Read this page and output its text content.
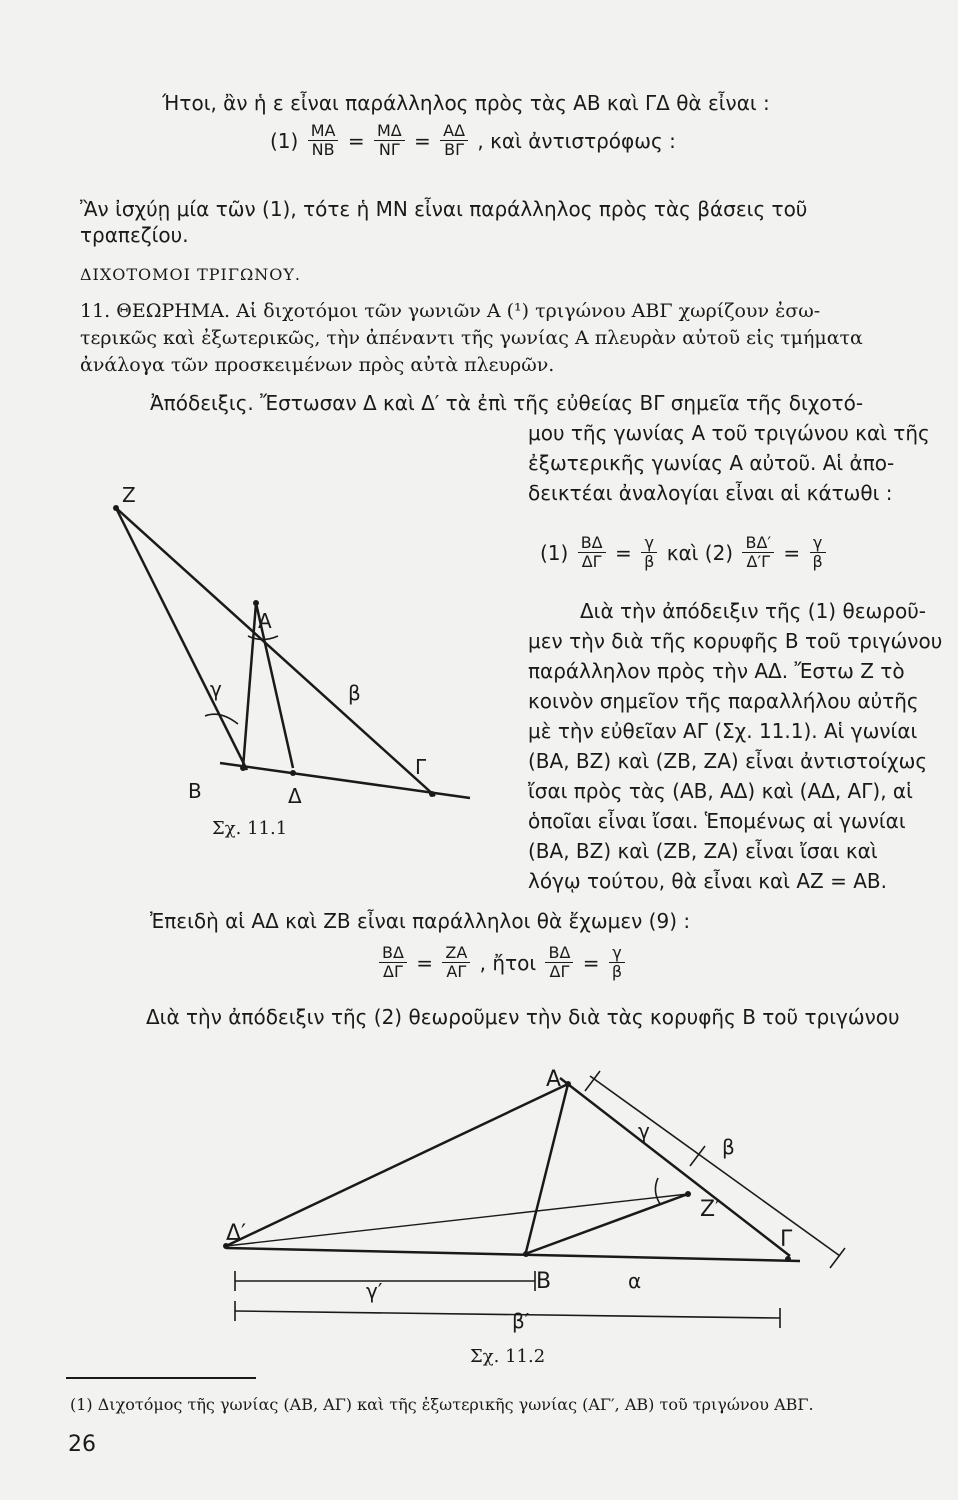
Ήτοι, ἂν ἡ ε εἶναι παράλληλος πρὸς τὰς ΑΒ καὶ ΓΔ θὰ εἶναι :
$(1) \frac{MA}{NB} = \frac{M\Delta}{N\Gamma} = \frac{A\Delta}{B\Gamma}$ , καὶ ἀντιστρόφως :
Ἂν ἰσχύῃ μία τῶν (1), τότε ἡ ΜΝ εἶναι παράλληλος πρὸς τὰς βάσεις τοῦ
τραπεζίου.
ΔΙΧΟΤΟΜΟΙ ΤΡΙΓΩΝΟΥ.
11. ΘΕΩΡΗΜΑ. Αἱ διχοτόμοι τῶν γωνιῶν Α (¹) τριγώνου ΑΒΓ χωρίζουν ἐσω-
τερικῶς καὶ ἐξωτερικῶς, τὴν ἀπέναντι τῆς γωνίας Α πλευρὰν αὐτοῦ εἰς τμήματα
ἀνάλογα τῶν προσκειμένων πρὸς αὐτὰ πλευρῶν.
Ἀπόδειξις. Ἔστωσαν Δ καὶ Δ′ τὰ ἐπὶ τῆς εὐθείας ΒΓ σημεῖα τῆς διχοτό-
μου τῆς γωνίας Α τοῦ τριγώνου καὶ τῆς
ἐξωτερικῆς γωνίας Α αὐτοῦ. Αἱ ἀπο-
δεικτέαι ἀναλογίαι εἶναι αἱ κάτωθι :
$(1) \frac{B\Delta}{\Delta\Gamma} = \frac{\gamma}{\beta}$ καὶ $(2) \frac{B\Delta'}{\Delta'\Gamma} = \frac{\gamma}{\beta}$
Διὰ τὴν ἀπόδειξιν τῆς (1) θεωροῦ-
μεν τὴν διὰ τῆς κορυφῆς Β τοῦ τριγώνου
παράλληλον πρὸς τὴν ΑΔ. Ἔστω Ζ τὸ
κοινὸν σημεῖον τῆς παραλλήλου αὐτῆς
μὲ τὴν εὐθεῖαν ΑΓ (Σχ. 11.1). Αἱ γωνίαι
(ΒΑ, ΒΖ) καὶ (ΖΒ, ΖΑ) εἶναι ἀντιστοίχως
ἴσαι πρὸς τὰς (ΑΒ, ΑΔ) καὶ (ΑΔ, ΑΓ), αἱ
ὁποῖαι εἶναι ἴσαι. Ἑπομένως αἱ γωνίαι
(ΒΑ, ΒΖ) καὶ (ΖΒ, ΖΑ) εἶναι ἴσαι καὶ
λόγῳ τούτου, θὰ εἶναι καὶ ΑΖ = ΑΒ.
Ἐπειδὴ αἱ ΑΔ καὶ ΖΒ εἶναι παράλληλοι θὰ ἔχωμεν (9) :
$\frac{B\Delta}{\Delta\Gamma} = \frac{ZA}{A\Gamma}$ , ἤτοι $\frac{B\Delta}{\Delta\Gamma} = \frac{\gamma}{\beta}$
Διὰ τὴν ἀπόδειξιν τῆς (2) θεωροῦμεν τὴν διὰ τὰς κορυφῆς Β τοῦ τριγώνου
Z
A
γ	β
B	Δ
Γ
Σχ. 11.1
A
γ
β
Z′
Δ′	Γ
B	α
γ′
β′
Σχ. 11.2
(1) Διχοτόμος τῆς γωνίας (ΑΒ, ΑΓ) καὶ τῆς ἐξωτερικῆς γωνίας (ΑΓ′, ΑΒ) τοῦ τριγώνου ΑΒΓ.
26
